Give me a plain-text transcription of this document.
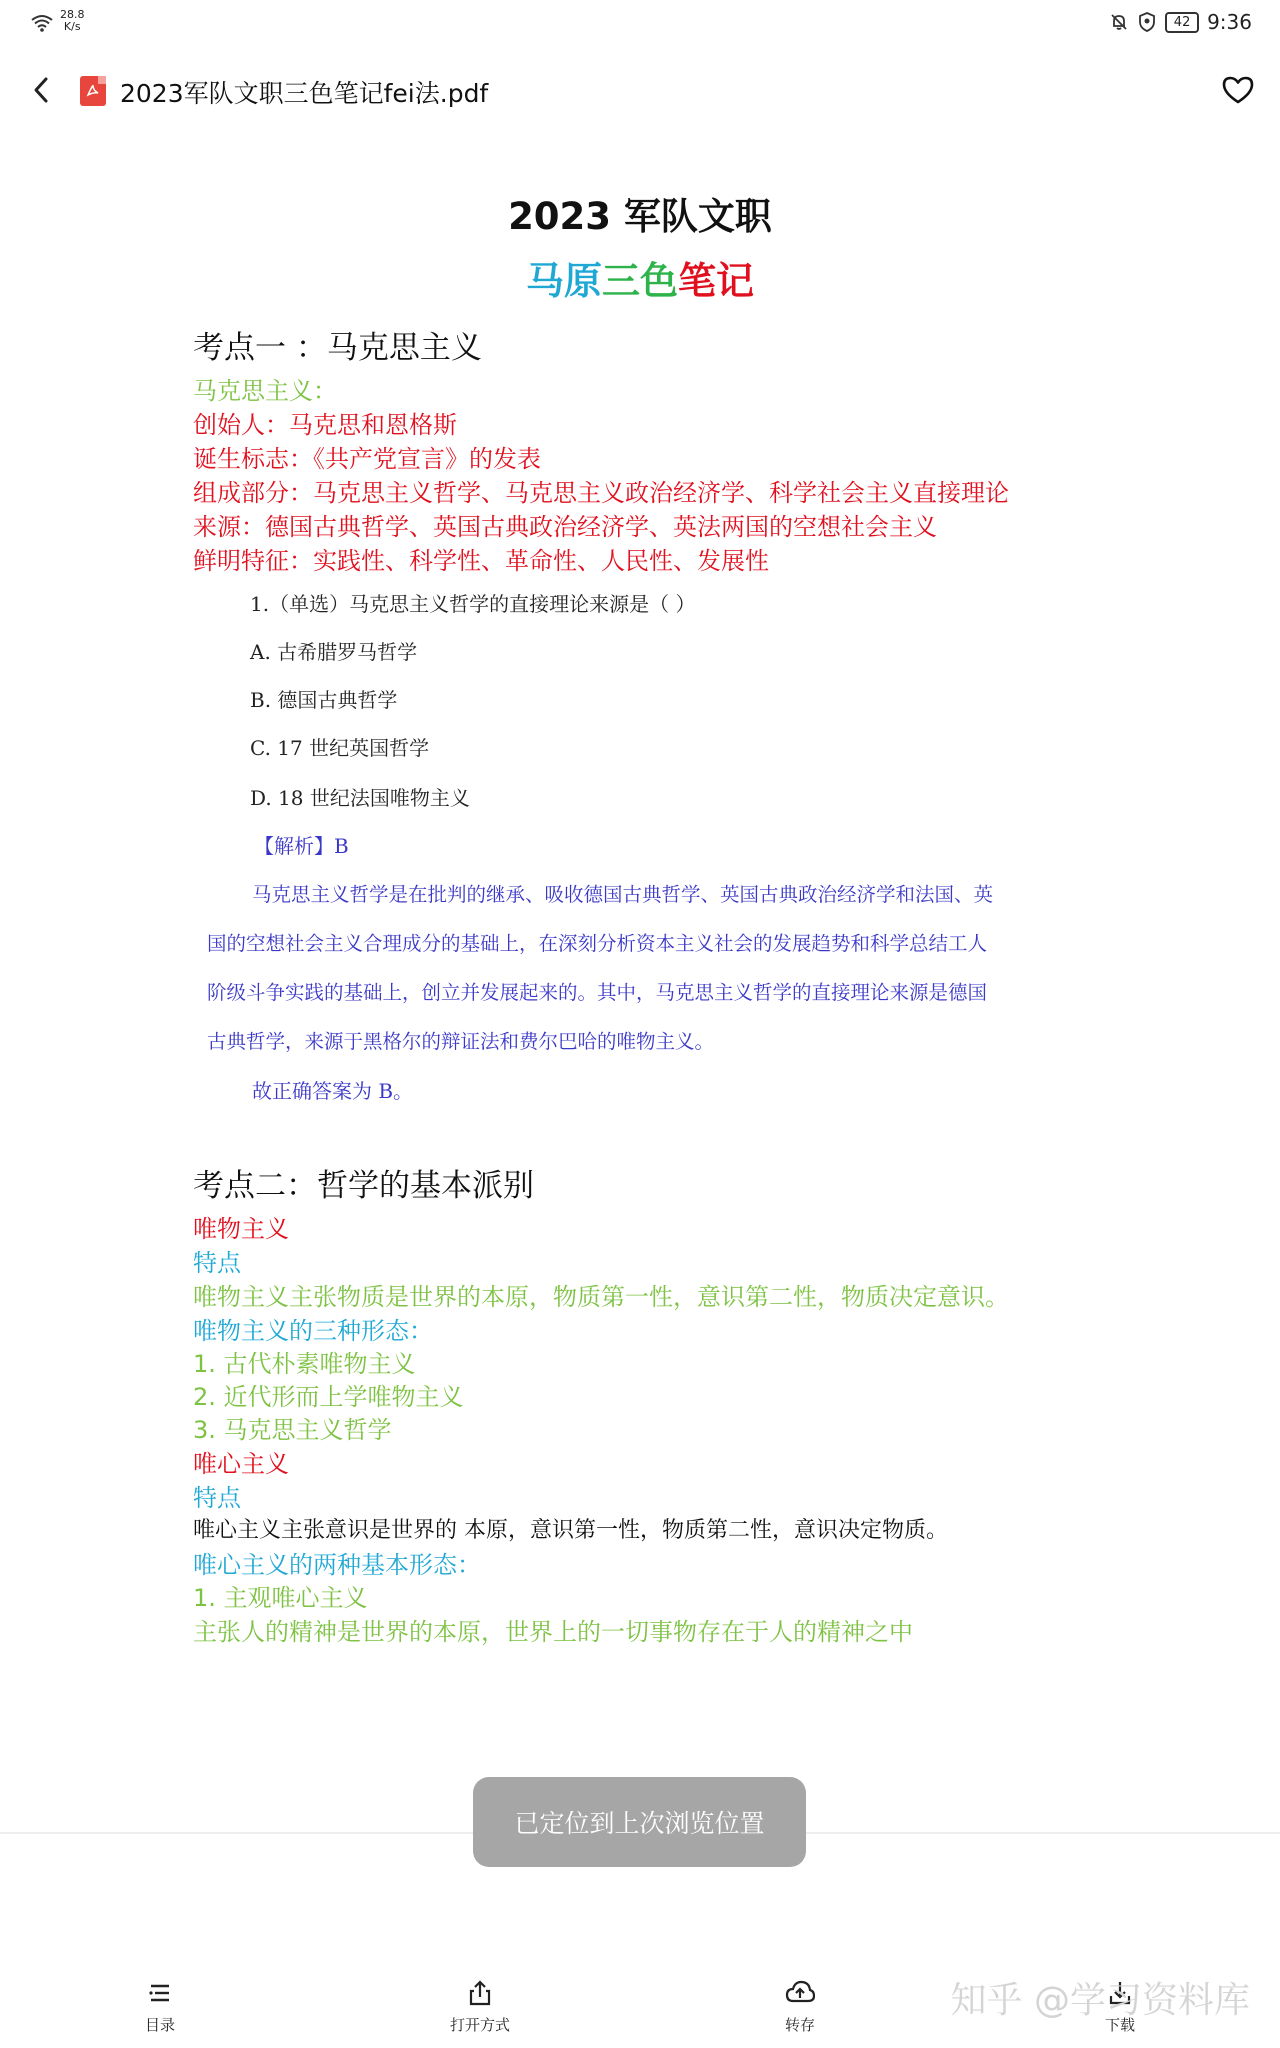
28.8
K/s	42 9:36
2023军队文职三色笔记fei法.pdf
2023 军队文职
马原三色笔记
考点一 ：马克思主义
马克思主义：
创始人：马克思和恩格斯
诞生标志：《共产党宣言》的发表
组成部分：马克思主义哲学、马克思主义政治经济学、科学社会主义直接理论
来源：德国古典哲学、英国古典政治经济学、英法两国的空想社会主义
鲜明特征：实践性、科学性、革命性、人民性、发展性
1.（单选）马克思主义哲学的直接理论来源是（ ）
A. 古希腊罗马哲学
B. 德国古典哲学
C. 17 世纪英国哲学
D. 18 世纪法国唯物主义
【解析】B
马克思主义哲学是在批判的继承、吸收德国古典哲学、英国古典政治经济学和法国、英
国的空想社会主义合理成分的基础上，在深刻分析资本主义社会的发展趋势和科学总结工人
阶级斗争实践的基础上，创立并发展起来的。其中，马克思主义哲学的直接理论来源是德国
古典哲学，来源于黑格尔的辩证法和费尔巴哈的唯物主义。
故正确答案为 B。
考点二：哲学的基本派别
唯物主义
特点
唯物主义主张物质是世界的本原，物质第一性，意识第二性，物质决定意识。
唯物主义的三种形态：
1. 古代朴素唯物主义
2. 近代形而上学唯物主义
3. 马克思主义哲学
唯心主义
特点
唯心主义主张意识是世界的 本原，意识第一性，物质第二性，意识决定物质。
唯心主义的两种基本形态：
1. 主观唯心主义
主张人的精神是世界的本原，世界上的一切事物存在于人的精神之中
已定位到上次浏览位置
目录	打开方式	转存	下载
知乎 @学习资料库
